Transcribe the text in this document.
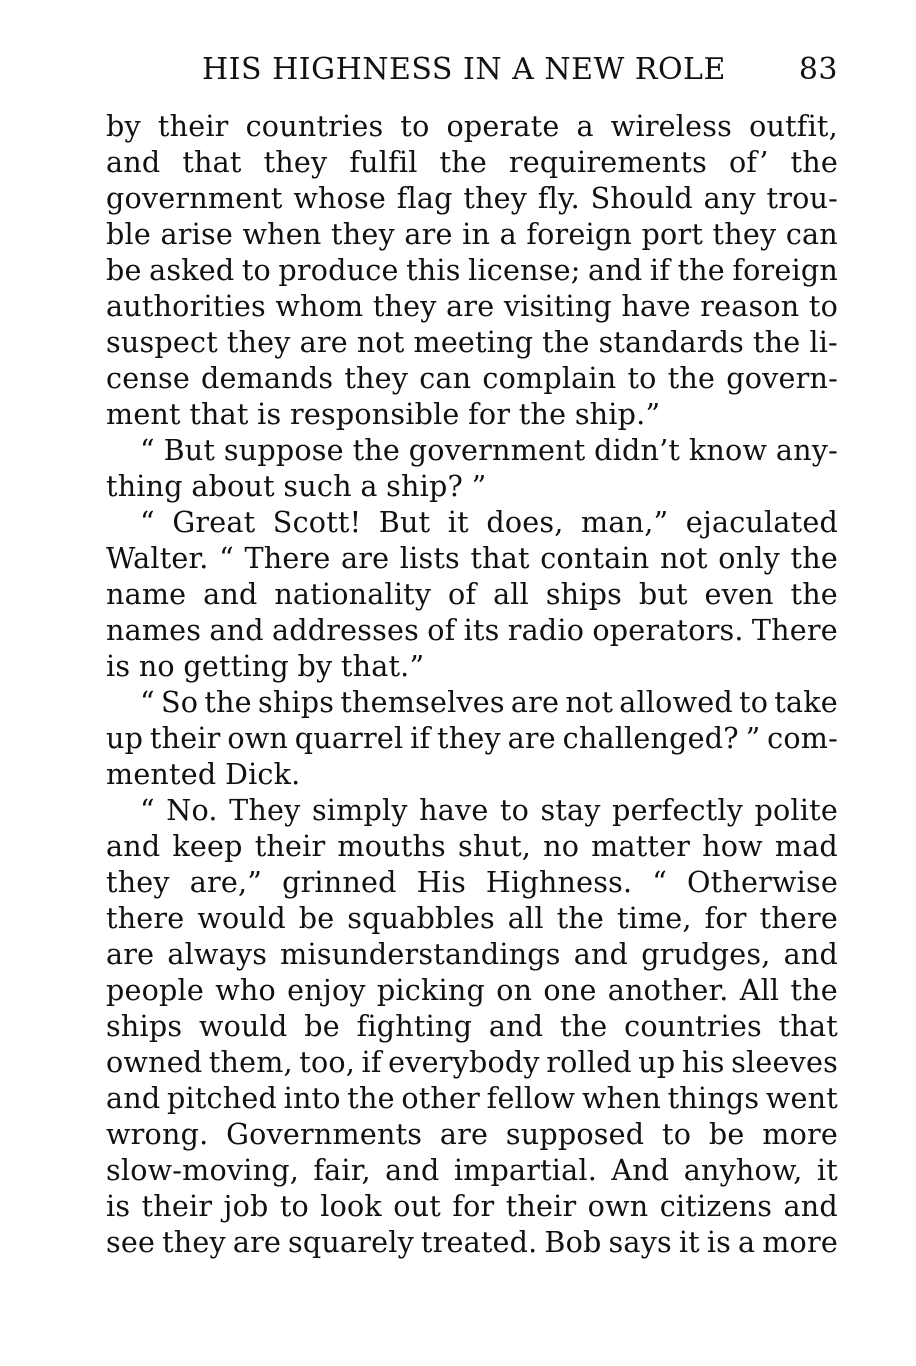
HIS HIGHNESS IN A NEW ROLE 83
by their countries to operate a wireless outfit,
and that they fulfil the requirements of’ the
government whose flag they fly. Should any trou-
ble arise when they are in a foreign port they can
be asked to produce this license; and if the foreign
authorities whom they are visiting have reason to
suspect they are not meeting the standards the li-
cense demands they can complain to the govern-
ment that is responsible for the ship.”
“ But suppose the government didn’t know any-
thing about such a ship? ”
“ Great Scott! But it does, man,” ejaculated
Walter. “ There are lists that contain not only the
name and nationality of all ships but even the
names and addresses of its radio operators. There
is no getting by that.”
“ So the ships themselves are not allowed to take
up their own quarrel if they are challenged? ” com-
mented Dick.
“ No. They simply have to stay perfectly polite
and keep their mouths shut, no matter how mad
they are,” grinned His Highness. “ Otherwise
there would be squabbles all the time, for there
are always misunderstandings and grudges, and
people who enjoy picking on one another. All the
ships would be fighting and the countries that
owned them, too, if everybody rolled up his sleeves
and pitched into the other fellow when things went
wrong. Governments are supposed to be more
slow-moving, fair, and impartial. And anyhow, it
is their job to look out for their own citizens and
see they are squarely treated. Bob says it is a more
